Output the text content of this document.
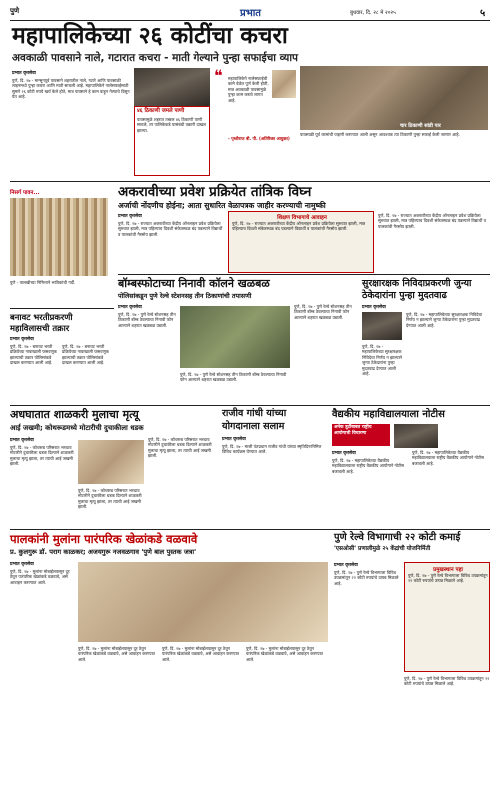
पुणे	प्रभात	बुधवार, दि. २८ मे २०२५	५
महापालिकेच्या २६ कोटींचा कचरा
अवकाळी पावसाने नाले, गटारात कचरा - माती गेल्याने पुन्हा सफाईचा व्याप
प्रभात वृत्तसेवा
पुणे, दि. २७ - मान्सूनपूर्व पावसाने शहरातील नाले, गटारे आणि पावसाळी लाइनमध्ये पुन्हा कचरा आणि माती साचली आहे. महापालिकेने नालेसफाईसाठी सुमारे २६ कोटी रुपये खर्च केले होते, मात्र पावसाने हे काम वाहून गेल्याचे दिसून येत आहे.
४६ ठिकाणी जमले पाणी
पावसामुळे शहरात तब्बल ४६ ठिकाणी पाणी साचले, तर पालिकेकडे यासंबंधी तक्रारी दाखल झाल्या.
❝ महापालिकेने नालेसफाईची कामे वेळेत पूर्ण केली होती, मात्र अवकाळी पावसामुळे पुन्हा काम करावे लागत आहे.
- पृथ्वीराज बी. पी. (अतिरिक्त आयुक्त)
चार ठिकाणी सांडी पार
पावसाळी पूर्व कामांची पाहणी करण्यात आली असून आवश्यक त्या ठिकाणी पुन्हा सफाई केली जाणार आहे.
निसर्ग पावन...
पुणे - पालखीच्या निमित्ताने भाविकांची गर्दी.
अकरावीच्या प्रवेश प्रक्रियेत तांत्रिक विघ्न
अर्जाची नोंदणीच होईना; आता सुधारित वेळापत्रक जाहीर करण्याची नामुष्की
प्रभात वृत्तसेवा
पुणे, दि. २७ - राज्यात अकरावीच्या केंद्रीय ऑनलाइन प्रवेश प्रक्रियेला सुरुवात झाली, मात्र पहिल्याच दिवशी संकेतस्थळ बंद पडल्याने विद्यार्थी व पालकांची गैरसोय झाली.
शिक्षण विभागाचे आवाहन
पुणे, दि. २७ - राज्यात अकरावीच्या केंद्रीय ऑनलाइन प्रवेश प्रक्रियेला सुरुवात झाली, मात्र पहिल्याच दिवशी संकेतस्थळ बंद पडल्याने विद्यार्थी व पालकांची गैरसोय झाली.
पुणे, दि. २७ - राज्यात अकरावीच्या केंद्रीय ऑनलाइन प्रवेश प्रक्रियेला सुरुवात झाली, मात्र पहिल्याच दिवशी संकेतस्थळ बंद पडल्याने विद्यार्थी व पालकांची गैरसोय झाली.
बॉम्बस्फोटाच्या निनावी कॉलने खळबळ
पोलिसांकडून पुणे रेल्वे स्टेशनसह तीन ठिकाणांची तपासणी
प्रभात वृत्तसेवा
पुणे, दि. २७ - पुणे रेल्वे स्टेशनसह तीन ठिकाणी बॉम्ब ठेवल्याचा निनावी फोन आल्याने शहरात खळबळ उडाली.
पुणे, दि. २७ - पुणे रेल्वे स्टेशनसह तीन ठिकाणी बॉम्ब ठेवल्याचा निनावी फोन आल्याने शहरात खळबळ उडाली.
पुणे, दि. २७ - पुणे रेल्वे स्टेशनसह तीन ठिकाणी बॉम्ब ठेवल्याचा निनावी फोन आल्याने शहरात खळबळ उडाली.
सुरक्षारक्षक निविदाप्रकरणी जुन्या ठेकेदारांना पुन्हा मुदतवाढ
प्रभात वृत्तसेवा
पुणे, दि. २७ - महापालिकेच्या सुरक्षारक्षक निविदेचा निर्णय न झाल्याने जुन्या ठेकेदारांना पुन्हा मुदतवाढ देण्यात आली आहे.
पुणे, दि. २७ - महापालिकेच्या सुरक्षारक्षक निविदेचा निर्णय न झाल्याने जुन्या ठेकेदारांना पुन्हा मुदतवाढ देण्यात आली आहे.
बनावट भरतीप्रकरणी महाविलासची तक्रार
प्रभात वृत्तसेवा
पुणे, दि. २७ - बनावट भरती प्रक्रियेच्या नावाखाली फसवणूक झाल्याची तक्रार पोलिसांकडे दाखल करण्यात आली आहे.
पुणे, दि. २७ - बनावट भरती प्रक्रियेच्या नावाखाली फसवणूक झाल्याची तक्रार पोलिसांकडे दाखल करण्यात आली आहे.
अधघातात शाळकरी मुलाचा मृत्यू
आई जखमी; कोथरूडमध्ये मोटारीची दुचाकीला धडक
प्रभात वृत्तसेवा
पुणे, दि. २७ - कोथरूड परिसरात भरधाव मोटारीने दुचाकीला धडक दिल्याने शाळकरी मुलाचा मृत्यू झाला, तर त्याची आई जखमी झाली.
पुणे, दि. २७ - कोथरूड परिसरात भरधाव मोटारीने दुचाकीला धडक दिल्याने शाळकरी मुलाचा मृत्यू झाला, तर त्याची आई जखमी झाली.
पुणे, दि. २७ - कोथरूड परिसरात भरधाव मोटारीने दुचाकीला धडक दिल्याने शाळकरी मुलाचा मृत्यू झाला, तर त्याची आई जखमी झाली.
राजीव गांधी यांच्या योगदानाला सलाम
प्रभात वृत्तसेवा
पुणे, दि. २७ - माजी पंतप्रधान राजीव गांधी यांच्या स्मृतिदिनानिमित्त विविध कार्यक्रम घेण्यात आले.
वैद्यकीय महाविद्यालयाला नोटीस
अनेक त्रुटींबाबत राष्ट्रीय आयोगाची विचारणा
प्रभात वृत्तसेवा
पुणे, दि. २७ - महापालिकेच्या वैद्यकीय महाविद्यालयाला राष्ट्रीय वैद्यकीय आयोगाने नोटीस बजावली आहे.
पुणे, दि. २७ - महापालिकेच्या वैद्यकीय महाविद्यालयाला राष्ट्रीय वैद्यकीय आयोगाने नोटीस बजावली आहे.
पालकांनी मुलांना पारंपरिक खेळांकडे वळवावे
प्र. कुलगुरू डॉ. पराग काळकर; अजयगुरू नजवळगाव 'पुणे बाल पुस्तक जत्रा'
प्रभात वृत्तसेवा
पुणे, दि. २७ - मुलांना मोबाईलपासून दूर ठेवून पारंपरिक खेळांकडे वळवावे, असे आवाहन करण्यात आले.
पुणे, दि. २७ - मुलांना मोबाईलपासून दूर ठेवून पारंपरिक खेळांकडे वळवावे, असे आवाहन करण्यात आले.
पुणे, दि. २७ - मुलांना मोबाईलपासून दूर ठेवून पारंपरिक खेळांकडे वळवावे, असे आवाहन करण्यात आले.
पुणे, दि. २७ - मुलांना मोबाईलपासून दूर ठेवून पारंपरिक खेळांकडे वळवावे, असे आवाहन करण्यात आले.
पुणे रेल्वे विभागाची २२ कोटी कमाई
'एसओसी' प्रणालीमुळे २५ केंद्रांची योजनिर्मिती
प्रभात वृत्तसेवा
पुणे, दि. २७ - पुणे रेल्वे विभागाला विविध उपक्रमांतून २२ कोटी रुपयांचे उत्पन्न मिळाले आहे.
प्रमुखस्थान पहा
पुणे, दि. २७ - पुणे रेल्वे विभागाला विविध उपक्रमांतून २२ कोटी रुपयांचे उत्पन्न मिळाले आहे.
पुणे, दि. २७ - पुणे रेल्वे विभागाला विविध उपक्रमांतून २२ कोटी रुपयांचे उत्पन्न मिळाले आहे.
